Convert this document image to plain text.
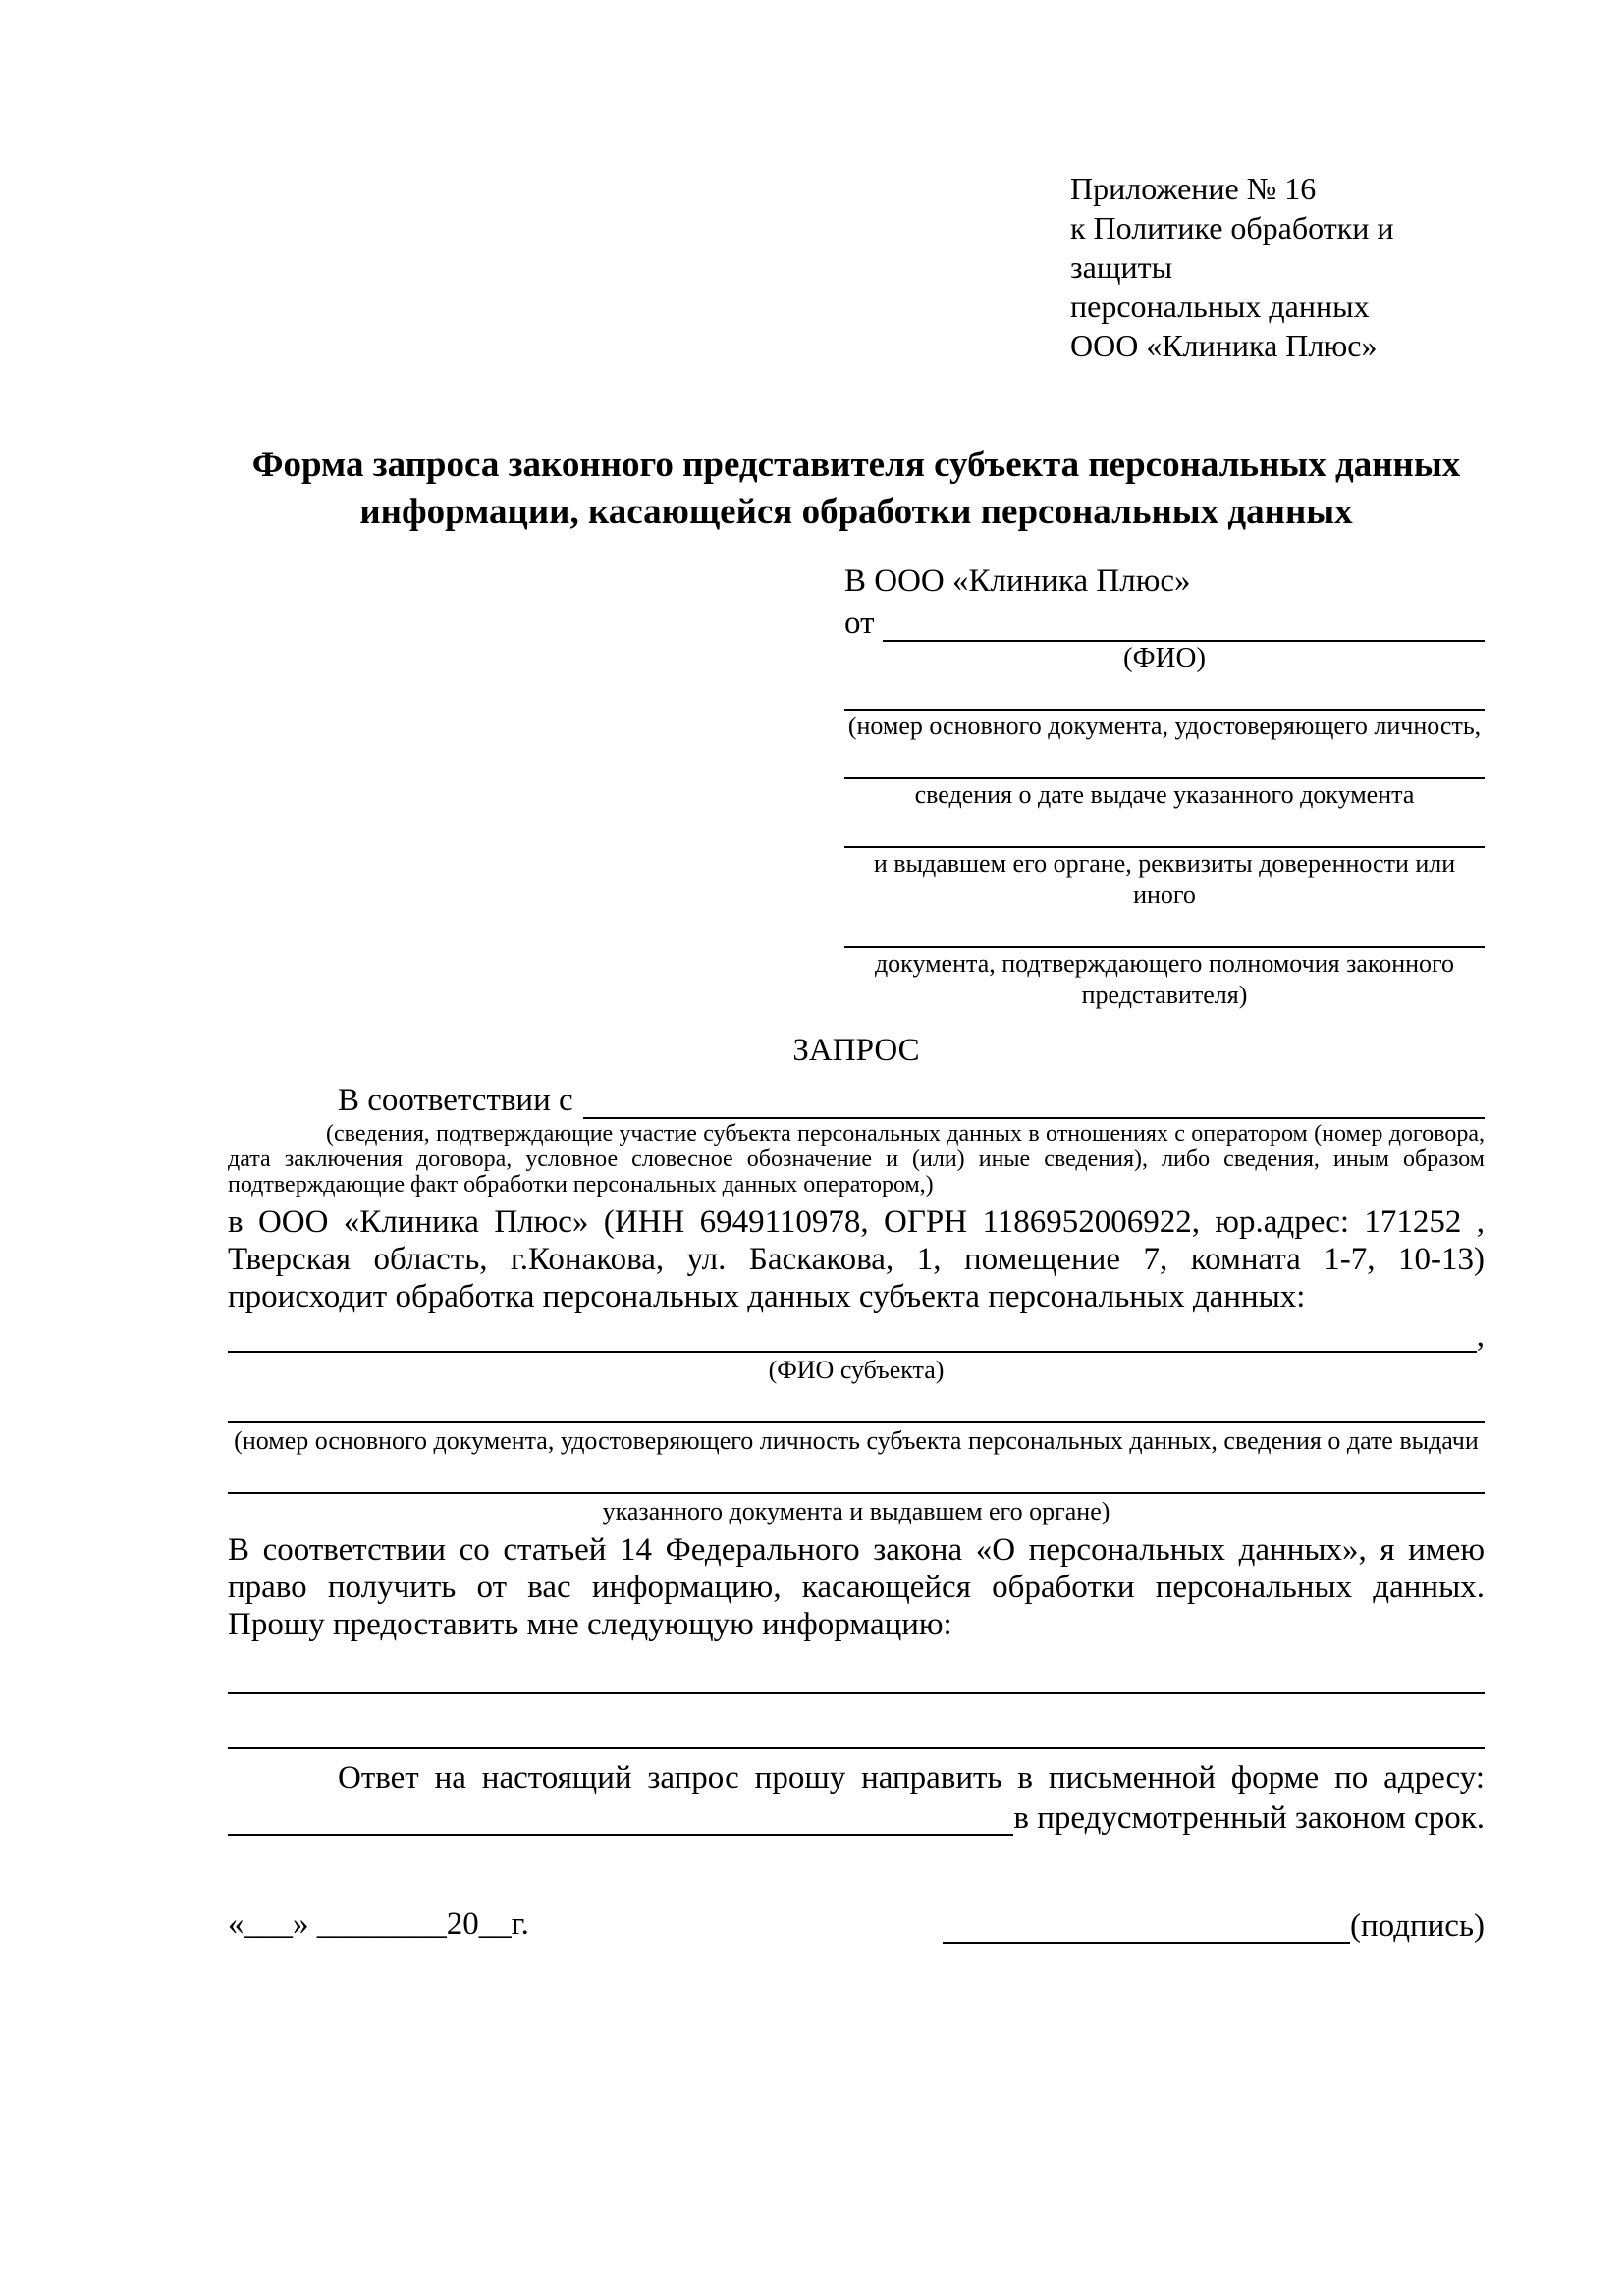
Приложение № 16
к Политике обработки и защиты
персональных данных
ООО «Клиника Плюс»
Форма запроса законного представителя субъекта персональных данных
информации, касающейся обработки персональных данных
В ООО «Клиника Плюс»
от
(ФИО)
(номер основного документа, удостоверяющего личность,
сведения о дате выдаче указанного документа
и выдавшем его органе, реквизиты доверенности или иного
документа, подтверждающего полномочия законного представителя)
ЗАПРОС
В соответствии с
(сведения, подтверждающие участие субъекта персональных данных в отношениях с оператором (номер договора, дата заключения договора, условное словесное обозначение и (или) иные сведения), либо сведения, иным образом подтверждающие факт обработки персональных данных оператором,)
в ООО «Клиника Плюс» (ИНН 6949110978, ОГРН 1186952006922, юр.адрес: 171252 , Тверская область, г.Конакова, ул. Баскакова, 1, помещение 7, комната 1-7, 10-13) происходит обработка персональных данных субъекта персональных данных:
,
(ФИО субъекта)
(номер основного документа, удостоверяющего личность субъекта персональных данных, сведения о дате выдачи
указанного документа и выдавшем его органе)
В соответствии со статьей 14 Федерального закона «О персональных данных», я имею право получить от вас информацию, касающейся обработки персональных данных. Прошу предоставить мне следующую информацию:
Ответ на настоящий запрос прошу направить в письменной форме по адресу:
в предусмотренный законом срок.
«___» ________20__г.	(подпись)
